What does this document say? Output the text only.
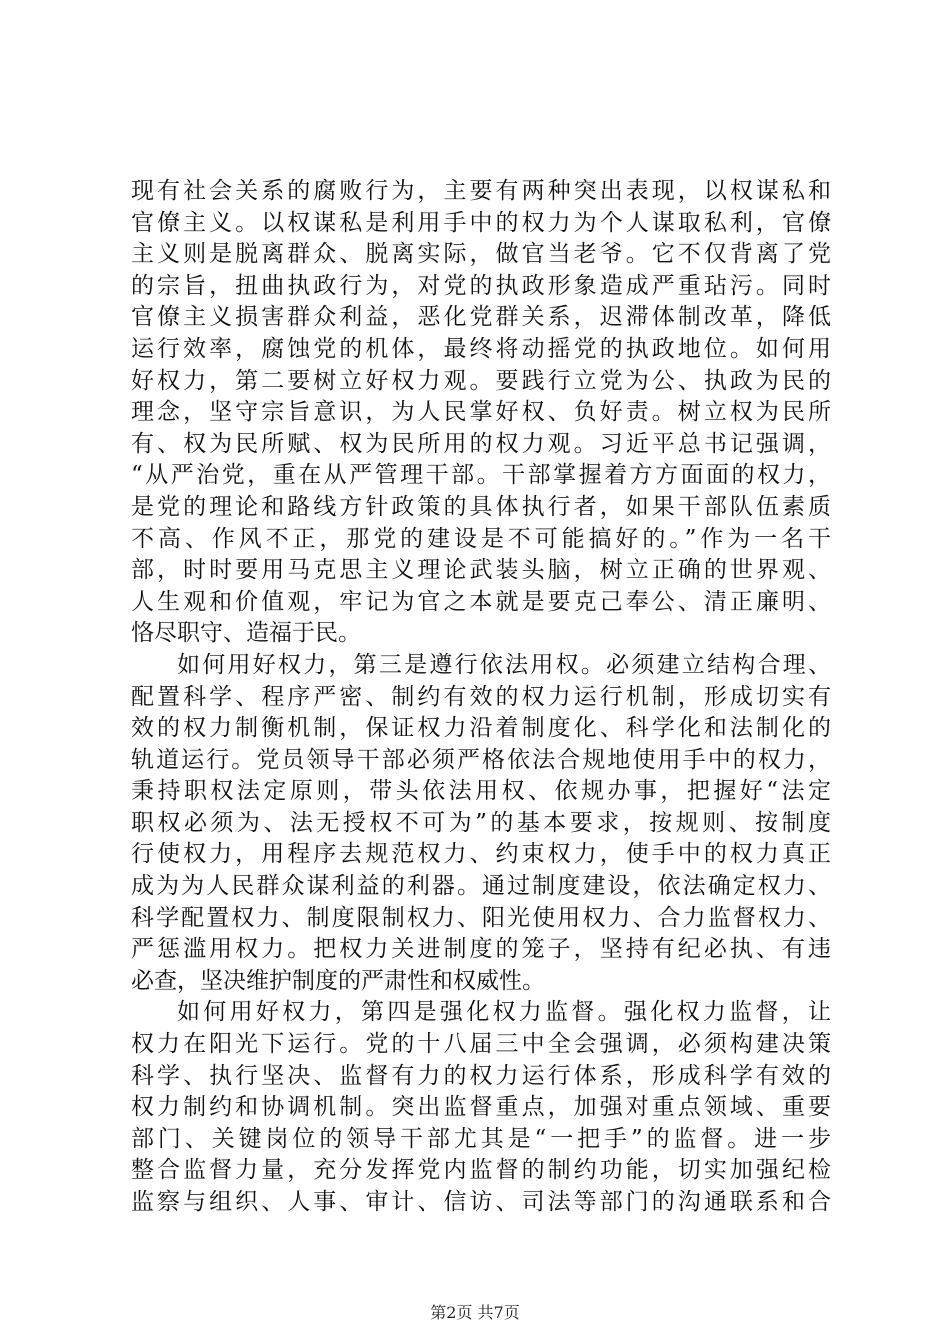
现有社会关系的腐败行为，主要有两种突出表现，以权谋私和
官僚主义。以权谋私是利用手中的权力为个人谋取私利，官僚
主义则是脱离群众、脱离实际，做官当老爷。它不仅背离了党
的宗旨，扭曲执政行为，对党的执政形象造成严重玷污。同时
官僚主义损害群众利益，恶化党群关系，迟滞体制改革，降低
运行效率，腐蚀党的机体，最终将动摇党的执政地位。如何用
好权力，第二要树立好权力观。要践行立党为公、执政为民的
理念，坚守宗旨意识，为人民掌好权、负好责。树立权为民所
有、权为民所赋、权为民所用的权力观。习近平总书记强调，
“从严治党，重在从严管理干部。干部掌握着方方面面的权力，
是党的理论和路线方针政策的具体执行者，如果干部队伍素质
不高、作风不正，那党的建设是不可能搞好的。”作为一名干
部，时时要用马克思主义理论武装头脑，树立正确的世界观、
人生观和价值观，牢记为官之本就是要克己奉公、清正廉明、
恪尽职守、造福于民。
如何用好权力，第三是遵行依法用权。必须建立结构合理、
配置科学、程序严密、制约有效的权力运行机制，形成切实有
效的权力制衡机制，保证权力沿着制度化、科学化和法制化的
轨道运行。党员领导干部必须严格依法合规地使用手中的权力，
秉持职权法定原则，带头依法用权、依规办事，把握好“法定
职权必须为、法无授权不可为”的基本要求，按规则、按制度
行使权力，用程序去规范权力、约束权力，使手中的权力真正
成为为人民群众谋利益的利器。通过制度建设，依法确定权力、
科学配置权力、制度限制权力、阳光使用权力、合力监督权力、
严惩滥用权力。把权力关进制度的笼子，坚持有纪必执、有违
必查，坚决维护制度的严肃性和权威性。
如何用好权力，第四是强化权力监督。强化权力监督，让
权力在阳光下运行。党的十八届三中全会强调，必须构建决策
科学、执行坚决、监督有力的权力运行体系，形成科学有效的
权力制约和协调机制。突出监督重点，加强对重点领域、重要
部门、关键岗位的领导干部尤其是“一把手”的监督。进一步
整合监督力量，充分发挥党内监督的制约功能，切实加强纪检
监察与组织、人事、审计、信访、司法等部门的沟通联系和合
第2页 共7页
